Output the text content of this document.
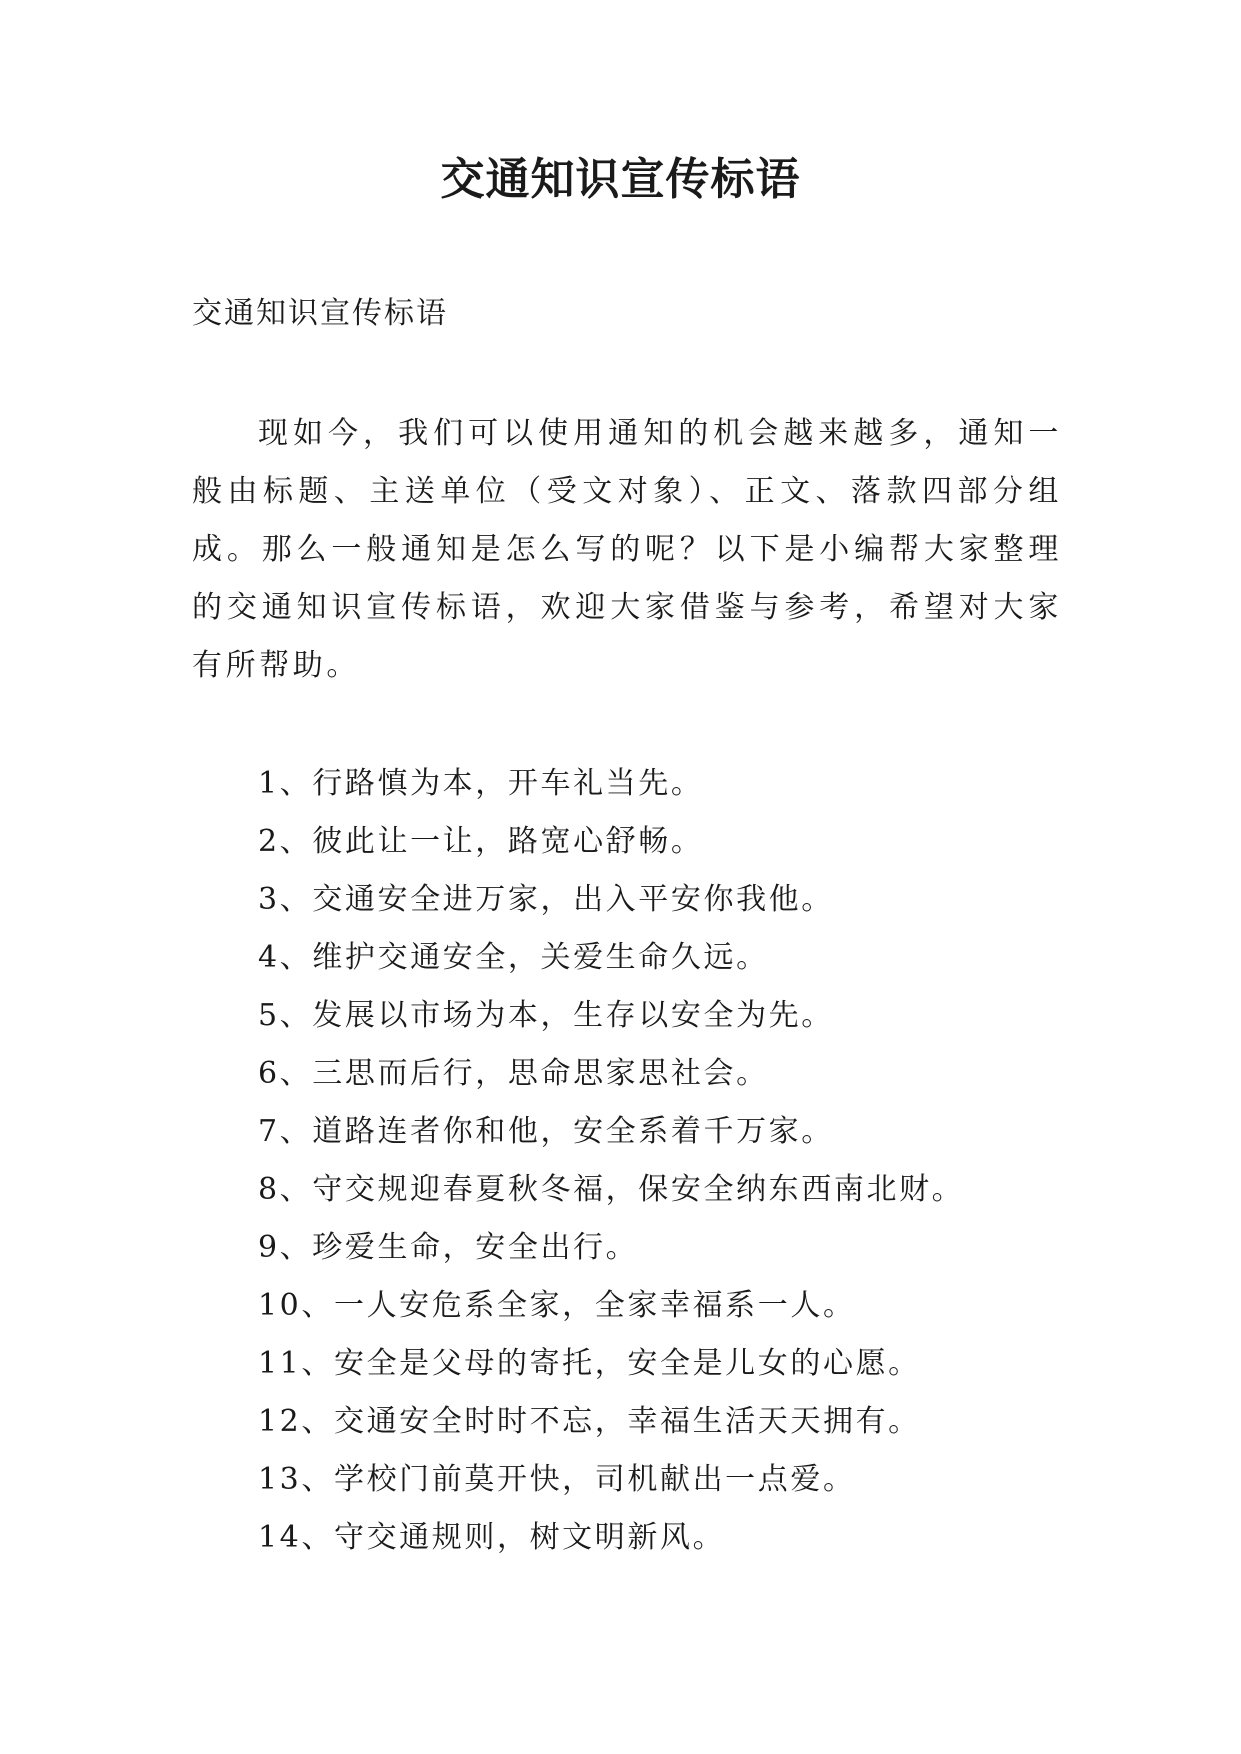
交通知识宣传标语

交通知识宣传标语

现如今，我们可以使用通知的机会越来越多，通知一般由标题、主送单位（受文对象）、正文、落款四部分组成。那么一般通知是怎么写的呢？以下是小编帮大家整理的交通知识宣传标语，欢迎大家借鉴与参考，希望对大家有所帮助。

1、行路慎为本，开车礼当先。
2、彼此让一让，路宽心舒畅。
3、交通安全进万家，出入平安你我他。
4、维护交通安全，关爱生命久远。
5、发展以市场为本，生存以安全为先。
6、三思而后行，思命思家思社会。
7、道路连者你和他，安全系着千万家。
8、守交规迎春夏秋冬福，保安全纳东西南北财。
9、珍爱生命，安全出行。
10、一人安危系全家，全家幸福系一人。
11、安全是父母的寄托，安全是儿女的心愿。
12、交通安全时时不忘，幸福生活天天拥有。
13、学校门前莫开快，司机献出一点爱。
14、守交通规则，树文明新风。
